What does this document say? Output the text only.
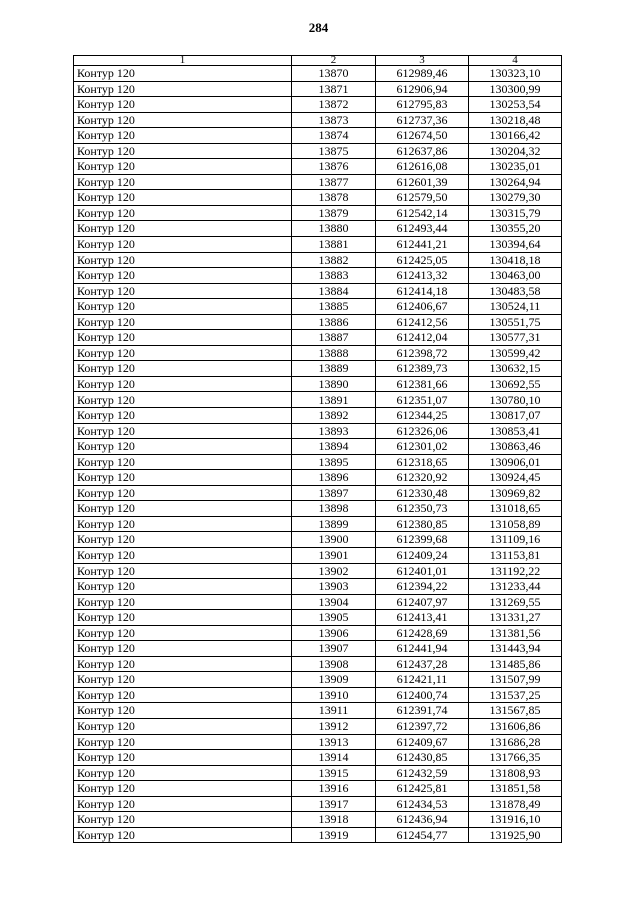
284
1	2	3	4
Контур 120	13870	612989,46	130323,10
Контур 120	13871	612906,94	130300,99
Контур 120	13872	612795,83	130253,54
Контур 120	13873	612737,36	130218,48
Контур 120	13874	612674,50	130166,42
Контур 120	13875	612637,86	130204,32
Контур 120	13876	612616,08	130235,01
Контур 120	13877	612601,39	130264,94
Контур 120	13878	612579,50	130279,30
Контур 120	13879	612542,14	130315,79
Контур 120	13880	612493,44	130355,20
Контур 120	13881	612441,21	130394,64
Контур 120	13882	612425,05	130418,18
Контур 120	13883	612413,32	130463,00
Контур 120	13884	612414,18	130483,58
Контур 120	13885	612406,67	130524,11
Контур 120	13886	612412,56	130551,75
Контур 120	13887	612412,04	130577,31
Контур 120	13888	612398,72	130599,42
Контур 120	13889	612389,73	130632,15
Контур 120	13890	612381,66	130692,55
Контур 120	13891	612351,07	130780,10
Контур 120	13892	612344,25	130817,07
Контур 120	13893	612326,06	130853,41
Контур 120	13894	612301,02	130863,46
Контур 120	13895	612318,65	130906,01
Контур 120	13896	612320,92	130924,45
Контур 120	13897	612330,48	130969,82
Контур 120	13898	612350,73	131018,65
Контур 120	13899	612380,85	131058,89
Контур 120	13900	612399,68	131109,16
Контур 120	13901	612409,24	131153,81
Контур 120	13902	612401,01	131192,22
Контур 120	13903	612394,22	131233,44
Контур 120	13904	612407,97	131269,55
Контур 120	13905	612413,41	131331,27
Контур 120	13906	612428,69	131381,56
Контур 120	13907	612441,94	131443,94
Контур 120	13908	612437,28	131485,86
Контур 120	13909	612421,11	131507,99
Контур 120	13910	612400,74	131537,25
Контур 120	13911	612391,74	131567,85
Контур 120	13912	612397,72	131606,86
Контур 120	13913	612409,67	131686,28
Контур 120	13914	612430,85	131766,35
Контур 120	13915	612432,59	131808,93
Контур 120	13916	612425,81	131851,58
Контур 120	13917	612434,53	131878,49
Контур 120	13918	612436,94	131916,10
Контур 120	13919	612454,77	131925,90
